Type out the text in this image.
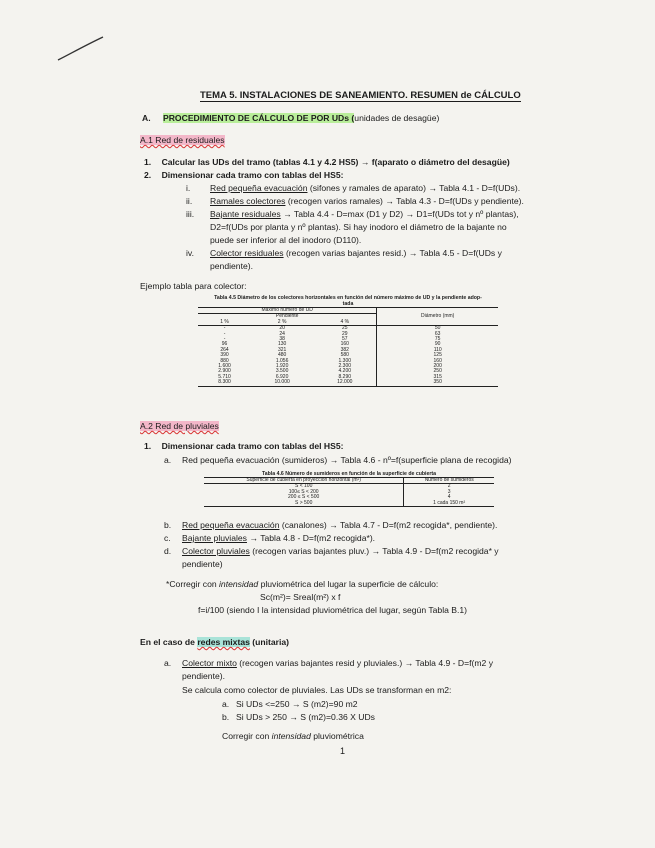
TEMA 5. INSTALACIONES DE SANEAMIENTO. RESUMEN de CÁLCULO
A. PROCEDIMIENTO DE CÁLCULO DE POR UDs (unidades de desagüe)
A.1 Red de residuales
1. Calcular las UDs del tramo (tablas 4.1 y 4.2 HS5) → f(aparato o diámetro del desagüe)
2. Dimensionar cada tramo con tablas del HS5:
i. Red pequeña evacuación (sifones y ramales de aparato) → Tabla 4.1 - D=f(UDs).
ii. Ramales colectores (recogen varios ramales) → Tabla 4.3 - D=f(UDs y pendiente).
iii. Bajante residuales → Tabla 4.4 - D=max (D1 y D2) → D1=f(UDs tot y nº plantas),
D2=f(UDs por planta y nº plantas). Si hay inodoro el diámetro de la bajante no
puede ser inferior al del inodoro (D110).
iv. Colector residuales (recogen varias bajantes resid.) → Tabla 4.5 - D=f(UDs y
pendiente).
Ejemplo tabla para colector:
Tabla 4.5 Diámetro de los colectores horizontales en función del número máximo de UD y la pendiente adop-
tada
Máximo número de UD			Diámetro (mm)
Pendiente			
1 %	2 %	4 %	
-	20	25	50
-	24	29	63
-	38	57	75
96	130	160	90
264	321	382	110
390	480	580	125
880	1.056	1.300	160
1.600	1.920	2.300	200
2.900	3.500	4.200	250
5.710	6.920	8.290	315
8.300	10.000	12.000	350
A.2 Red de pluviales
1. Dimensionar cada tramo con tablas del HS5:
a. Red pequeña evacuación (sumideros) → Tabla 4.6 - nº=f(superficie plana de recogida)
Tabla 4.6 Número de sumideros en función de la superficie de cubierta
Superficie de cubierta en proyección horizontal (m²)	Número de sumideros
S < 100	2
100≤ S < 200	3
200 ≤ S < 500	4
S > 500	1 cada 150 m²
b. Red pequeña evacuación (canalones) → Tabla 4.7 - D=f(m2 recogida*, pendiente).
c. Bajante pluviales → Tabla 4.8 - D=f(m2 recogida*).
d. Colector pluviales (recogen varias bajantes pluv.) → Tabla 4.9 - D=f(m2 recogida* y
pendiente)
*Corregir con intensidad pluviométrica del lugar la superficie de cálculo:
Sc(m²)= Sreal(m²) x f
f=i/100 (siendo I la intensidad pluviométrica del lugar, según Tabla B.1)
En el caso de redes mixtas (unitaria)
a. Colector mixto (recogen varias bajantes resid y pluviales.) → Tabla 4.9 - D=f(m2 y
pendiente).
Se calcula como colector de pluviales. Las UDs se transforman en m2:
a. Si UDs <=250 → S (m2)=90 m2
b. Si UDs > 250 → S (m2)=0.36 X UDs
Corregir con intensidad pluviométrica
1
